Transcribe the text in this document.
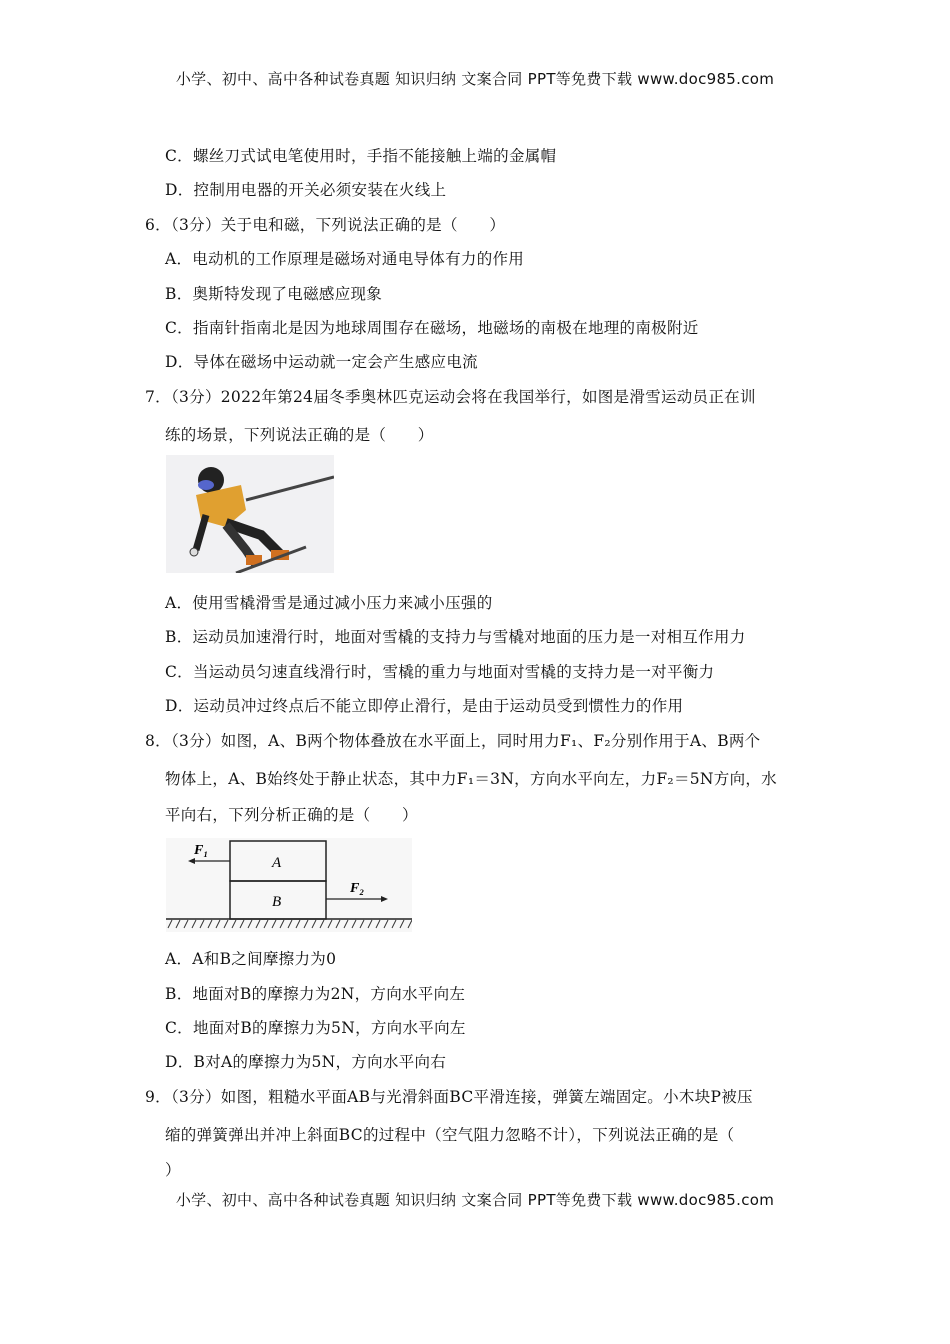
小学、初中、高中各种试卷真题 知识归纳 文案合同 PPT等免费下载 www.doc985.com
C．螺丝刀式试电笔使用时，手指不能接触上端的金属帽
D．控制用电器的开关必须安装在火线上
6．（3分）关于电和磁，下列说法正确的是（　　）
A．电动机的工作原理是磁场对通电导体有力的作用
B．奥斯特发现了电磁感应现象
C．指南针指南北是因为地球周围存在磁场，地磁场的南极在地理的南极附近
D．导体在磁场中运动就一定会产生感应电流
7．（3分）2022年第24届冬季奥林匹克运动会将在我国举行，如图是滑雪运动员正在训
练的场景，下列说法正确的是（　　）
A．使用雪橇滑雪是通过减小压力来减小压强的
B．运动员加速滑行时，地面对雪橇的支持力与雪橇对地面的压力是一对相互作用力
C．当运动员匀速直线滑行时，雪橇的重力与地面对雪橇的支持力是一对平衡力
D．运动员冲过终点后不能立即停止滑行，是由于运动员受到惯性力的作用
8．（3分）如图，A、B两个物体叠放在水平面上，同时用力F₁、F₂分别作用于A、B两个
物体上，A、B始终处于静止状态，其中力F₁＝3N，方向水平向左，力F₂＝5N方向，水
平向右，下列分析正确的是（　　）
A
B
F₁
F₂
A．A和B之间摩擦力为0
B．地面对B的摩擦力为2N，方向水平向左
C．地面对B的摩擦力为5N，方向水平向左
D．B对A的摩擦力为5N，方向水平向右
9．（3分）如图，粗糙水平面AB与光滑斜面BC平滑连接，弹簧左端固定。小木块P被压
缩的弹簧弹出并冲上斜面BC的过程中（空气阻力忽略不计），下列说法正确的是（
）
小学、初中、高中各种试卷真题 知识归纳 文案合同 PPT等免费下载 www.doc985.com
